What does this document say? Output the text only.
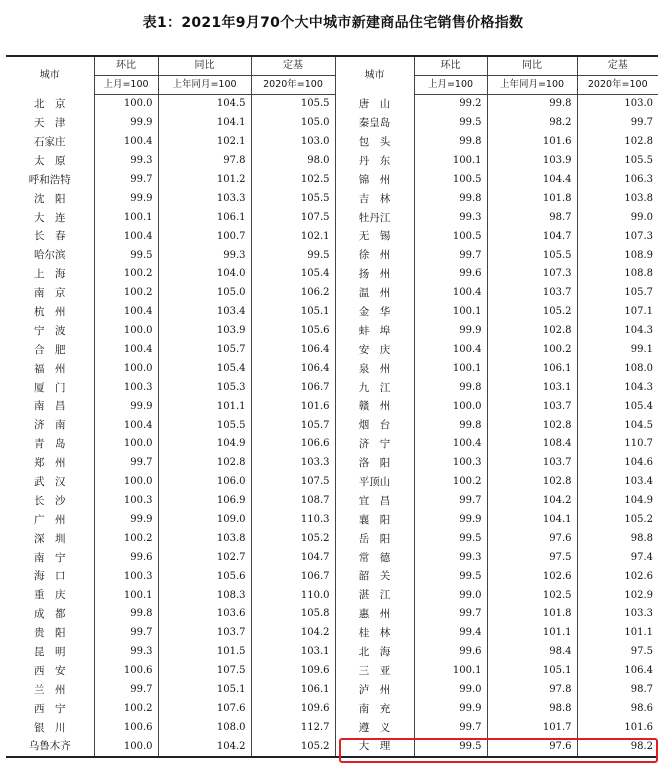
表1：2021年9月70个大中城市新建商品住宅销售价格指数
城市	环比	同比	定基	城市	环比	同比	定基
	上月=100	上年同月=100	2020年=100		上月=100	上年同月=100	2020年=100
北　京	100.0	104.5	105.5	唐　山	99.2	99.8	103.0
天　津	99.9	104.1	105.0	秦皇岛	99.5	98.2	99.7
石家庄	100.4	102.1	103.0	包　头	99.8	101.6	102.8
太　原	99.3	97.8	98.0	丹　东	100.1	103.9	105.5
呼和浩特	99.7	101.2	102.5	锦　州	100.5	104.4	106.3
沈　阳	99.9	103.3	105.5	吉　林	99.8	101.8	103.8
大　连	100.1	106.1	107.5	牡丹江	99.3	98.7	99.0
长　春	100.4	100.7	102.1	无　锡	100.5	104.7	107.3
哈尔滨	99.5	99.3	99.5	徐　州	99.7	105.5	108.9
上　海	100.2	104.0	105.4	扬　州	99.6	107.3	108.8
南　京	100.2	105.0	106.2	温　州	100.4	103.7	105.7
杭　州	100.4	103.4	105.1	金　华	100.1	105.2	107.1
宁　波	100.0	103.9	105.6	蚌　埠	99.9	102.8	104.3
合　肥	100.4	105.7	106.4	安　庆	100.4	100.2	99.1
福　州	100.0	105.4	106.4	泉　州	100.1	106.1	108.0
厦　门	100.3	105.3	106.7	九　江	99.8	103.1	104.3
南　昌	99.9	101.1	101.6	赣　州	100.0	103.7	105.4
济　南	100.4	105.5	105.7	烟　台	99.8	102.8	104.5
青　岛	100.0	104.9	106.6	济　宁	100.4	108.4	110.7
郑　州	99.7	102.8	103.3	洛　阳	100.3	103.7	104.6
武　汉	100.0	106.0	107.5	平顶山	100.2	102.8	103.4
长　沙	100.3	106.9	108.7	宜　昌	99.7	104.2	104.9
广　州	99.9	109.0	110.3	襄　阳	99.9	104.1	105.2
深　圳	100.2	103.8	105.2	岳　阳	99.5	97.6	98.8
南　宁	99.6	102.7	104.7	常　德	99.3	97.5	97.4
海　口	100.3	105.6	106.7	韶　关	99.5	102.6	102.6
重　庆	100.1	108.3	110.0	湛　江	99.0	102.5	102.9
成　都	99.8	103.6	105.8	惠　州	99.7	101.8	103.3
贵　阳	99.7	103.7	104.2	桂　林	99.4	101.1	101.1
昆　明	99.3	101.5	103.1	北　海	99.6	98.4	97.5
西　安	100.6	107.5	109.6	三　亚	100.1	105.1	106.4
兰　州	99.7	105.1	106.1	泸　州	99.0	97.8	98.7
西　宁	100.2	107.6	109.6	南　充	99.9	98.8	98.6
银　川	100.6	108.0	112.7	遵　义	99.7	101.7	101.6
乌鲁木齐	100.0	104.2	105.2	大　理	99.5	97.6	98.2
